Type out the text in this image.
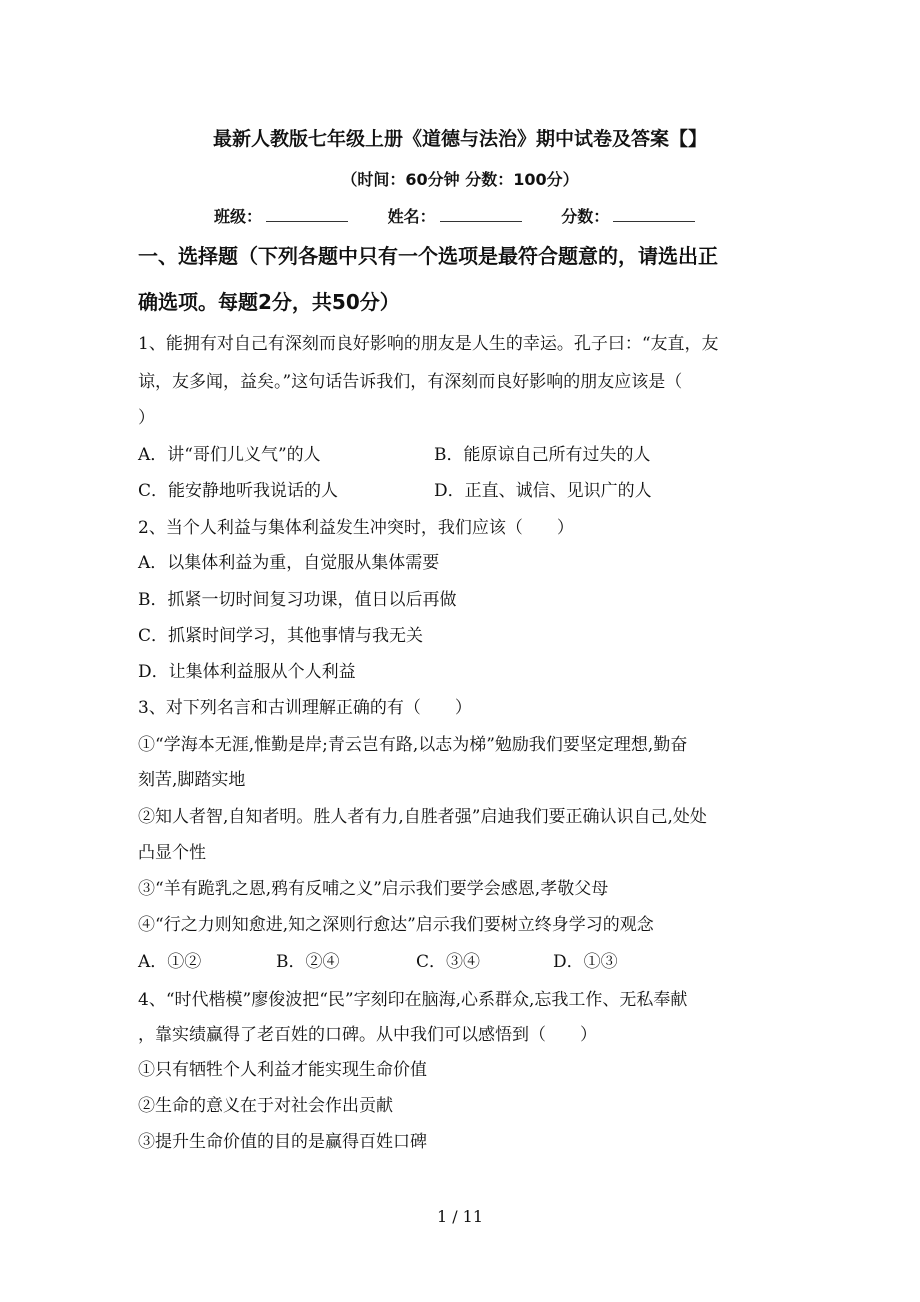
最新人教版七年级上册《道德与法治》期中试卷及答案【】
（时间：60分钟 分数：100分）
班级：	姓名：	分数：
一、选择题（下列各题中只有一个选项是最符合题意的，请选出正
确选项。每题2分，共50分）
1、能拥有对自己有深刻而良好影响的朋友是人生的幸运。孔子曰：“友直，友
谅，友多闻，益矣。”这句话告诉我们，有深刻而良好影响的朋友应该是（
）
A．讲“哥们儿义气”的人	B．能原谅自己所有过失的人
C．能安静地听我说话的人	D．正直、诚信、见识广的人
2、当个人利益与集体利益发生冲突时，我们应该（　　）
A．以集体利益为重，自觉服从集体需要
B．抓紧一切时间复习功课，值日以后再做
C．抓紧时间学习，其他事情与我无关
D．让集体利益服从个人利益
3、对下列名言和古训理解正确的有（　　）
①“学海本无涯,惟勤是岸;青云岂有路,以志为梯”勉励我们要坚定理想,勤奋
刻苦,脚踏实地
②知人者智,自知者明。胜人者有力,自胜者强”启迪我们要正确认识自己,处处
凸显个性
③“羊有跪乳之恩,鸦有反哺之义”启示我们要学会感恩,孝敬父母
④“行之力则知愈进,知之深则行愈达”启示我们要树立终身学习的观念
A．①②	B．②④	C．③④	D．①③
4、“时代楷模”廖俊波把“民”字刻印在脑海,心系群众,忘我工作、无私奉献
，靠实绩赢得了老百姓的口碑。从中我们可以感悟到（　　）
①只有牺牲个人利益才能实现生命价值
②生命的意义在于对社会作出贡献
③提升生命价值的目的是赢得百姓口碑
1 / 11
